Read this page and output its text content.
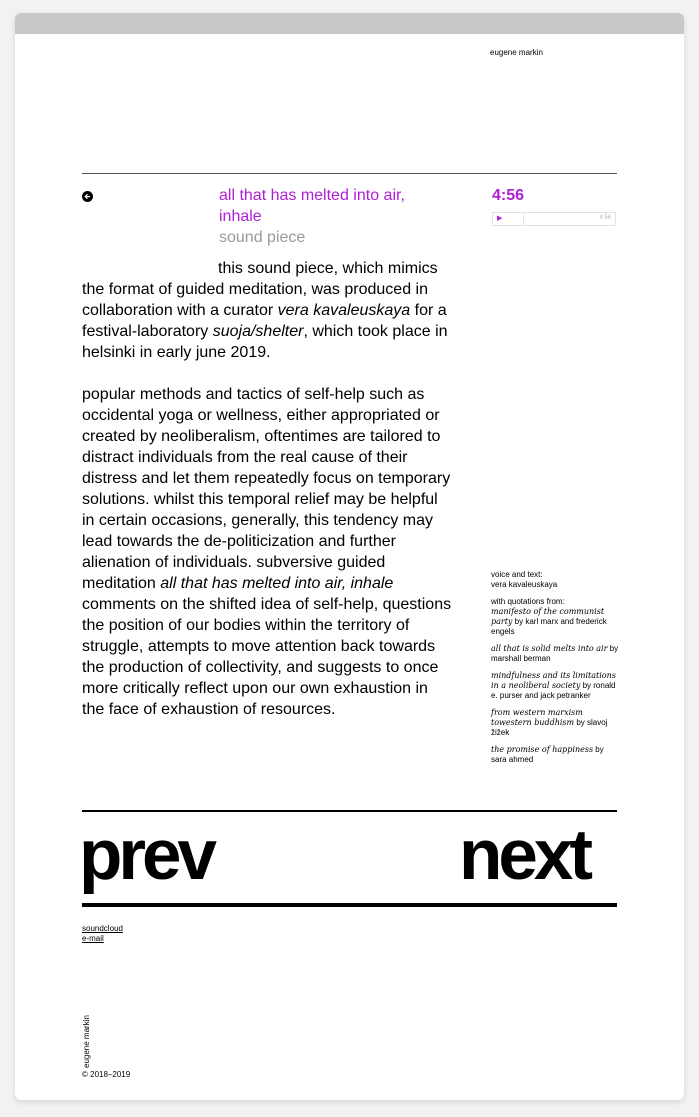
eugene markin
all that has melted into air, inhale
sound piece
4:56
▶	4:56

this sound piece, which mimics the format of guided meditation, was produced in collaboration with a curator vera kavaleuskaya for a festival-laboratory suoja/shelter, which took place in helsinki in early june 2019.

popular methods and tactics of self-help such as occidental yoga or wellness, either appropriated or created by neoliberalism, oftentimes are tailored to distract individuals from the real cause of their distress and let them repeatedly focus on temporary solutions. whilst this temporal relief may be helpful in certain occasions, generally, this tendency may lead towards the de-politicization and further alienation of individuals. subversive guided meditation all that has melted into air, inhale comments on the shifted idea of self-help, questions the position of our bodies within the territory of struggle, attempts to move attention back towards the production of collectivity, and suggests to once more critically reflect upon our own exhaustion in the face of exhaustion of resources.

voice and text:
vera kavaleuskaya
with quotations from:
manifesto of the communist party by karl marx and frederick engels
all that is solid melts into air by marshall berman
mindfulness and its limitations in a neoliberal society by ronald e. purser and jack petranker
from western marxism towestern buddhism by slavoj žižek
the promise of happiness by sara ahmed
prev	next
soundcloud
e-mail
eugene markin
© 2018–2019
